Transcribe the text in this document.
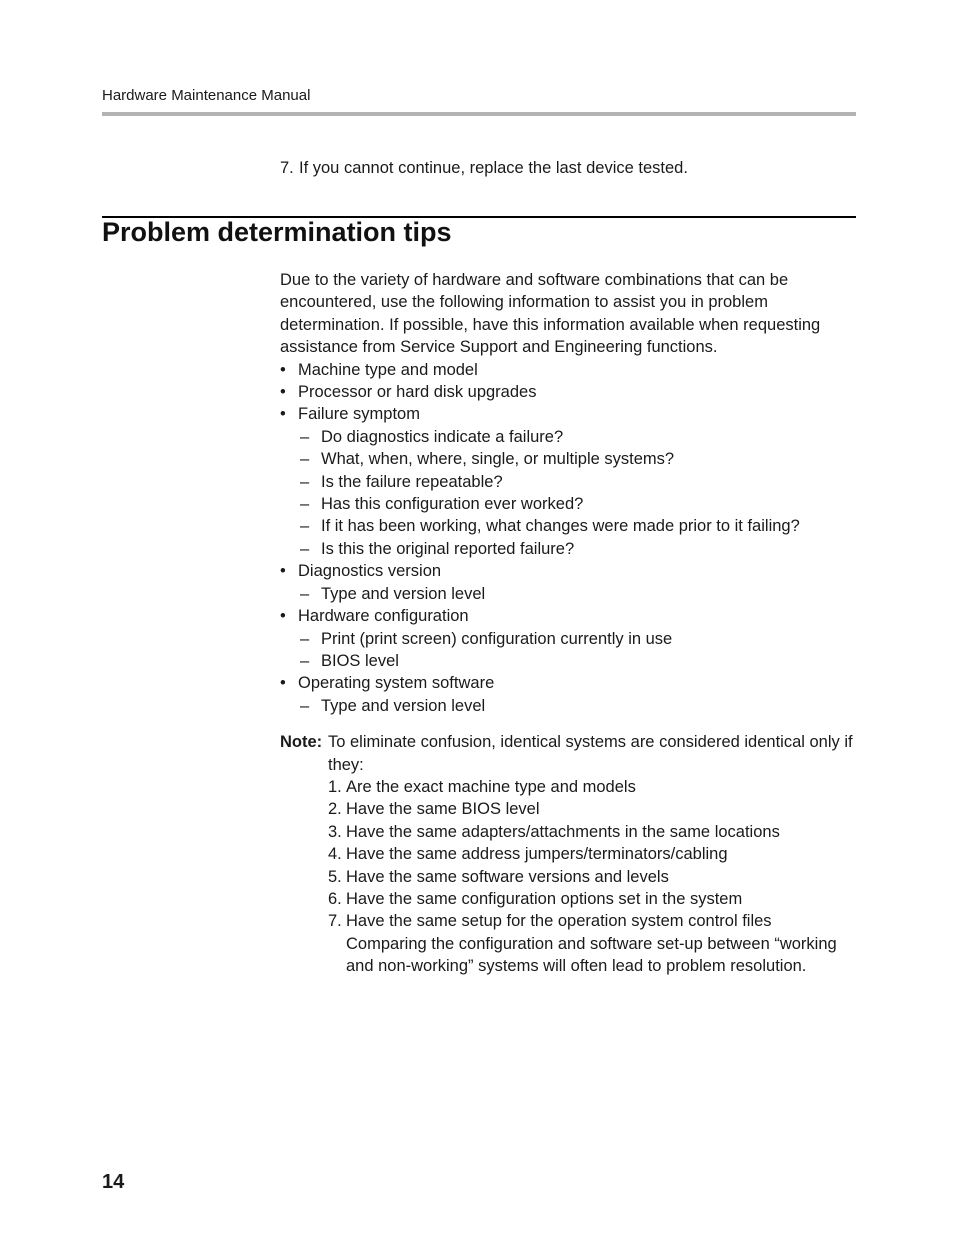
Hardware Maintenance Manual
7. If you cannot continue, replace the last device tested.
Problem determination tips

Due to the variety of hardware and software combinations that can be encountered, use the following information to assist you in problem determination. If possible, have this information available when requesting assistance from Service Support and Engineering functions.

• Machine type and model
• Processor or hard disk upgrades
• Failure symptom
– Do diagnostics indicate a failure?
– What, when, where, single, or multiple systems?
– Is the failure repeatable?
– Has this configuration ever worked?
– If it has been working, what changes were made prior to it failing?
– Is this the original reported failure?
• Diagnostics version
– Type and version level
• Hardware configuration
– Print (print screen) configuration currently in use
– BIOS level
• Operating system software
– Type and version level
Note: To eliminate confusion, identical systems are considered identical only if they:
1. Are the exact machine type and models
2. Have the same BIOS level
3. Have the same adapters/attachments in the same locations
4. Have the same address jumpers/terminators/cabling
5. Have the same software versions and levels
6. Have the same configuration options set in the system
7. Have the same setup for the operation system control files
Comparing the configuration and software set-up between “working and non-working” systems will often lead to problem resolution.
14
